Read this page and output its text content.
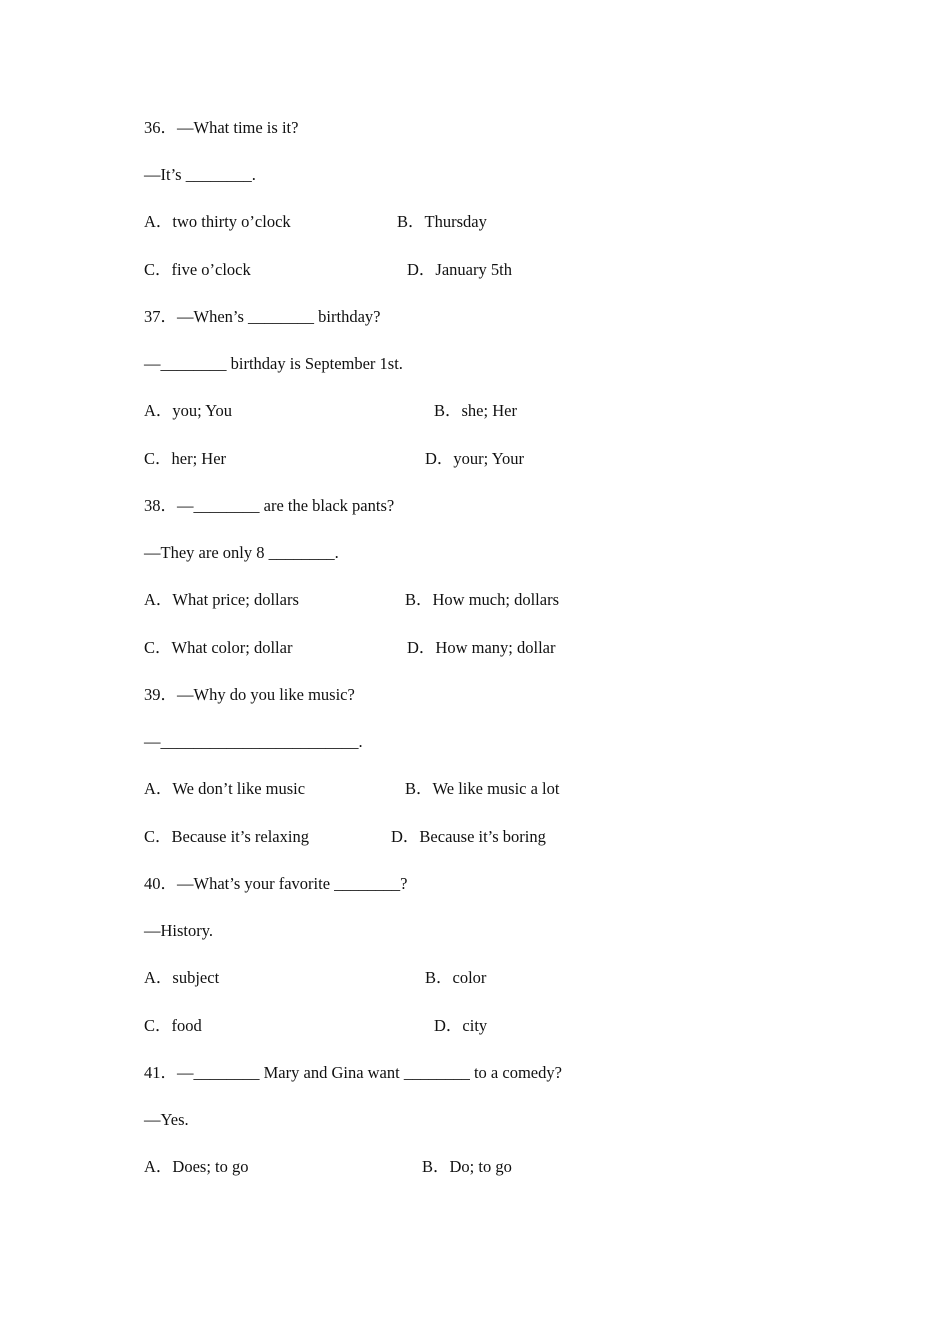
36．—What time is it?
—It’s ________.
A．two thirty o’clock	B．Thursday
C．five o’clock	D．January 5th
37．—When’s ________ birthday?
—________ birthday is September 1st.
A．you; You	B．she; Her
C．her; Her	D．your; Your
38．—________ are the black pants?
—They are only 8 ________.
A．What price; dollars	B．How much; dollars
C．What color; dollar	D．How many; dollar
39．—Why do you like music?
—________________________.
A．We don’t like music	B．We like music a lot
C．Because it’s relaxing	D．Because it’s boring
40．—What’s your favorite ________?
—History.
A．subject	B．color
C．food	D．city
41．—________ Mary and Gina want ________ to a comedy?
—Yes.
A．Does; to go	B．Do; to go
